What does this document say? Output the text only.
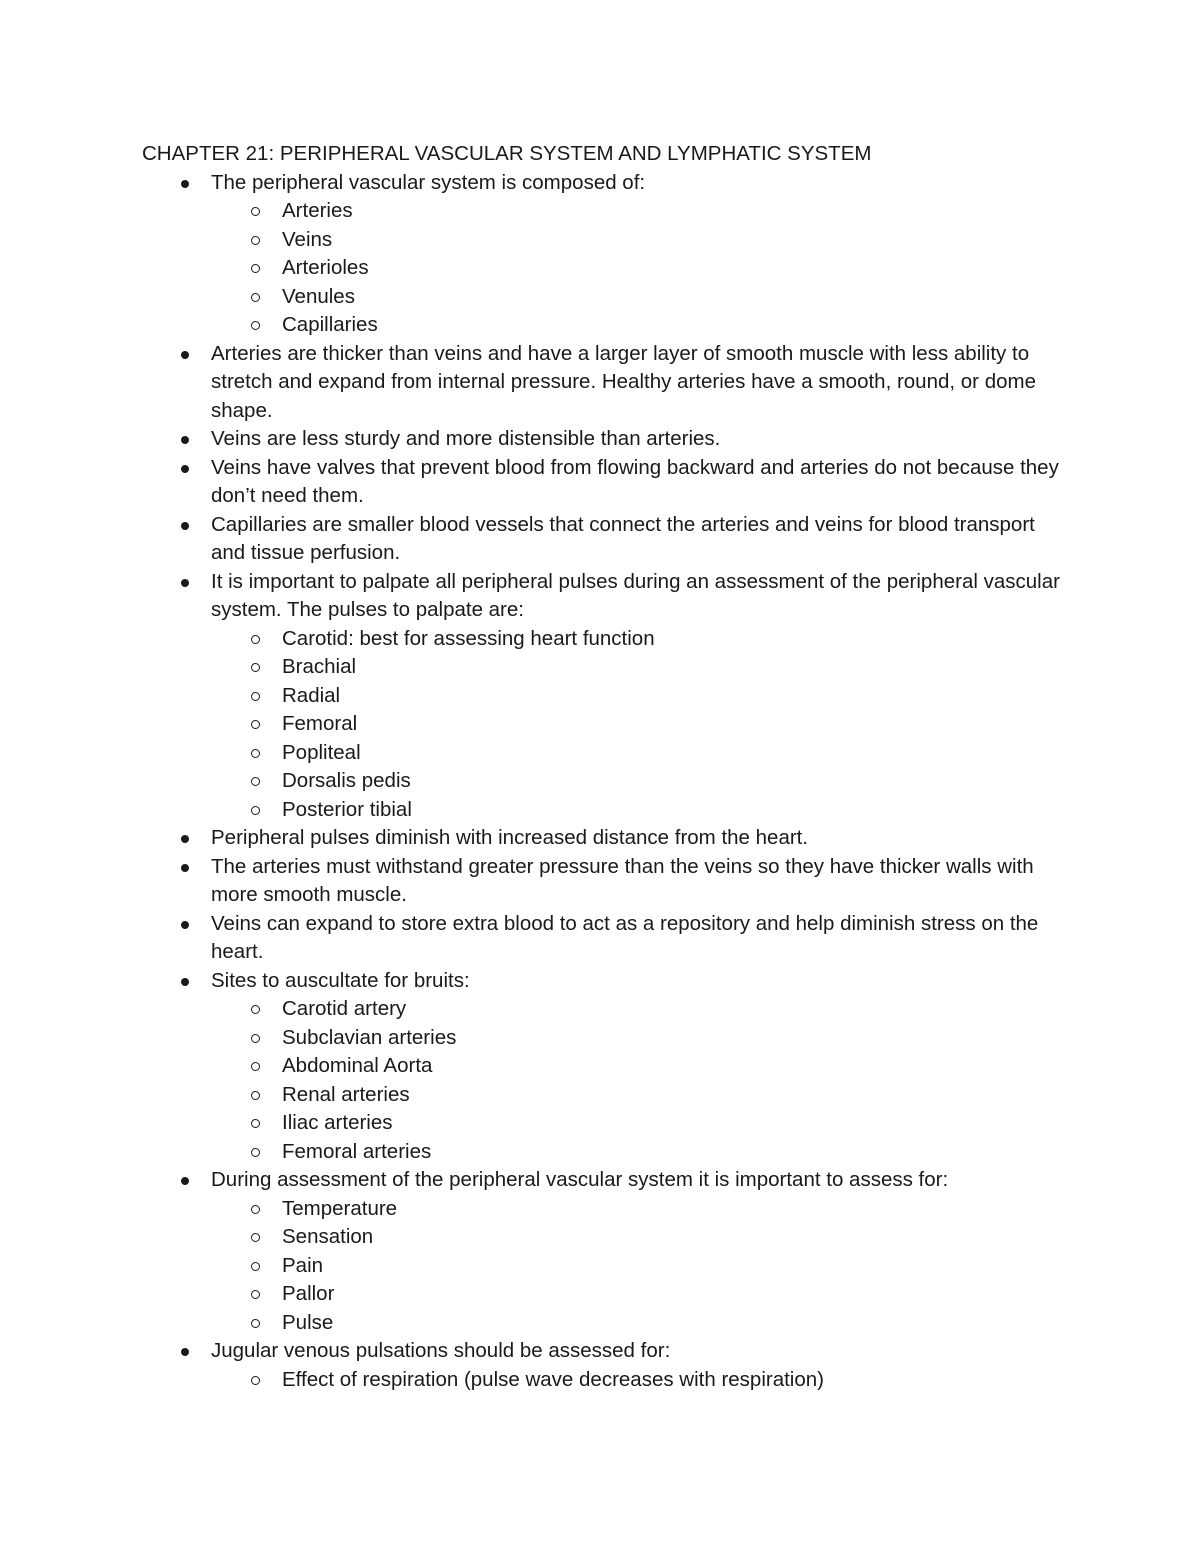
CHAPTER 21: PERIPHERAL VASCULAR SYSTEM AND LYMPHATIC SYSTEM
The peripheral vascular system is composed of:
Arteries
Veins
Arterioles
Venules
Capillaries
Arteries are thicker than veins and have a larger layer of smooth muscle with less ability to stretch and expand from internal pressure. Healthy arteries have a smooth, round, or dome shape.
Veins are less sturdy and more distensible than arteries.
Veins have valves that prevent blood from flowing backward and arteries do not because they don’t need them.
Capillaries are smaller blood vessels that connect the arteries and veins for blood transport and tissue perfusion.
It is important to palpate all peripheral pulses during an assessment of the peripheral vascular system. The pulses to palpate are:
Carotid: best for assessing heart function
Brachial
Radial
Femoral
Popliteal
Dorsalis pedis
Posterior tibial
Peripheral pulses diminish with increased distance from the heart.
The arteries must withstand greater pressure than the veins so they have thicker walls with more smooth muscle.
Veins can expand to store extra blood to act as a repository and help diminish stress on the heart.
Sites to auscultate for bruits:
Carotid artery
Subclavian arteries
Abdominal Aorta
Renal arteries
Iliac arteries
Femoral arteries
During assessment of the peripheral vascular system it is important to assess for:
Temperature
Sensation
Pain
Pallor
Pulse
Jugular venous pulsations should be assessed for:
Effect of respiration (pulse wave decreases with respiration)
